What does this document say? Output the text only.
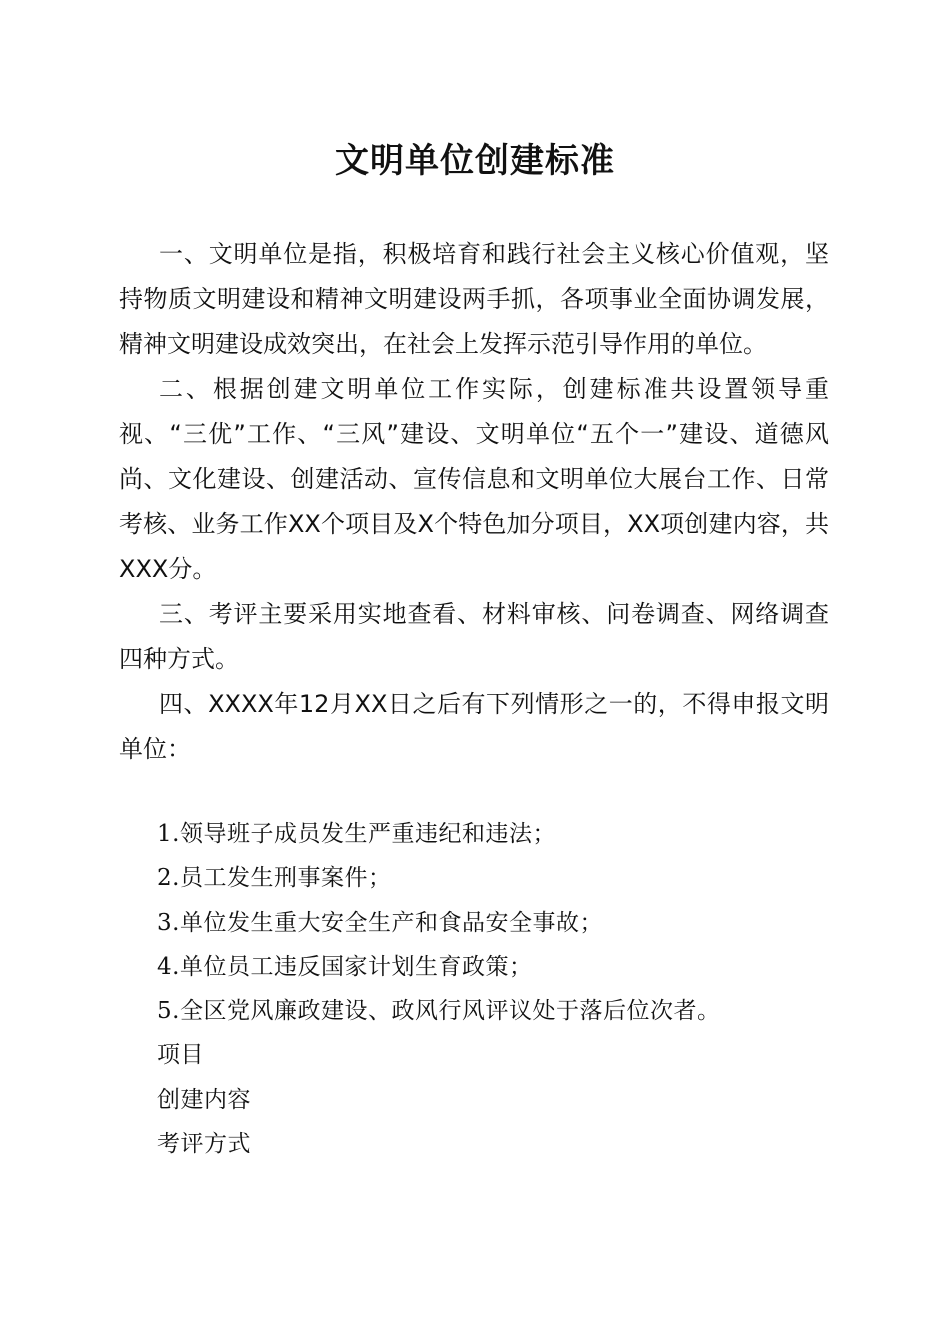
文明单位创建标准

一、文明单位是指，积极培育和践行社会主义核心价值观，坚持物质文明建设和精神文明建设两手抓，各项事业全面协调发展，精神文明建设成效突出，在社会上发挥示范引导作用的单位。

二、根据创建文明单位工作实际，创建标准共设置领导重视、“三优”工作、“三风”建设、文明单位“五个一”建设、道德风尚、文化建设、创建活动、宣传信息和文明单位大展台工作、日常考核、业务工作XX个项目及X个特色加分项目，XX项创建内容，共XXX分。

三、考评主要采用实地查看、材料审核、问卷调查、网络调查四种方式。

四、XXXX年12月XX日之后有下列情形之一的，不得申报文明单位：

1.领导班子成员发生严重违纪和违法；

2.员工发生刑事案件；

3.单位发生重大安全生产和食品安全事故；

4.单位员工违反国家计划生育政策；

5.全区党风廉政建设、政风行风评议处于落后位次者。

项目

创建内容

考评方式
